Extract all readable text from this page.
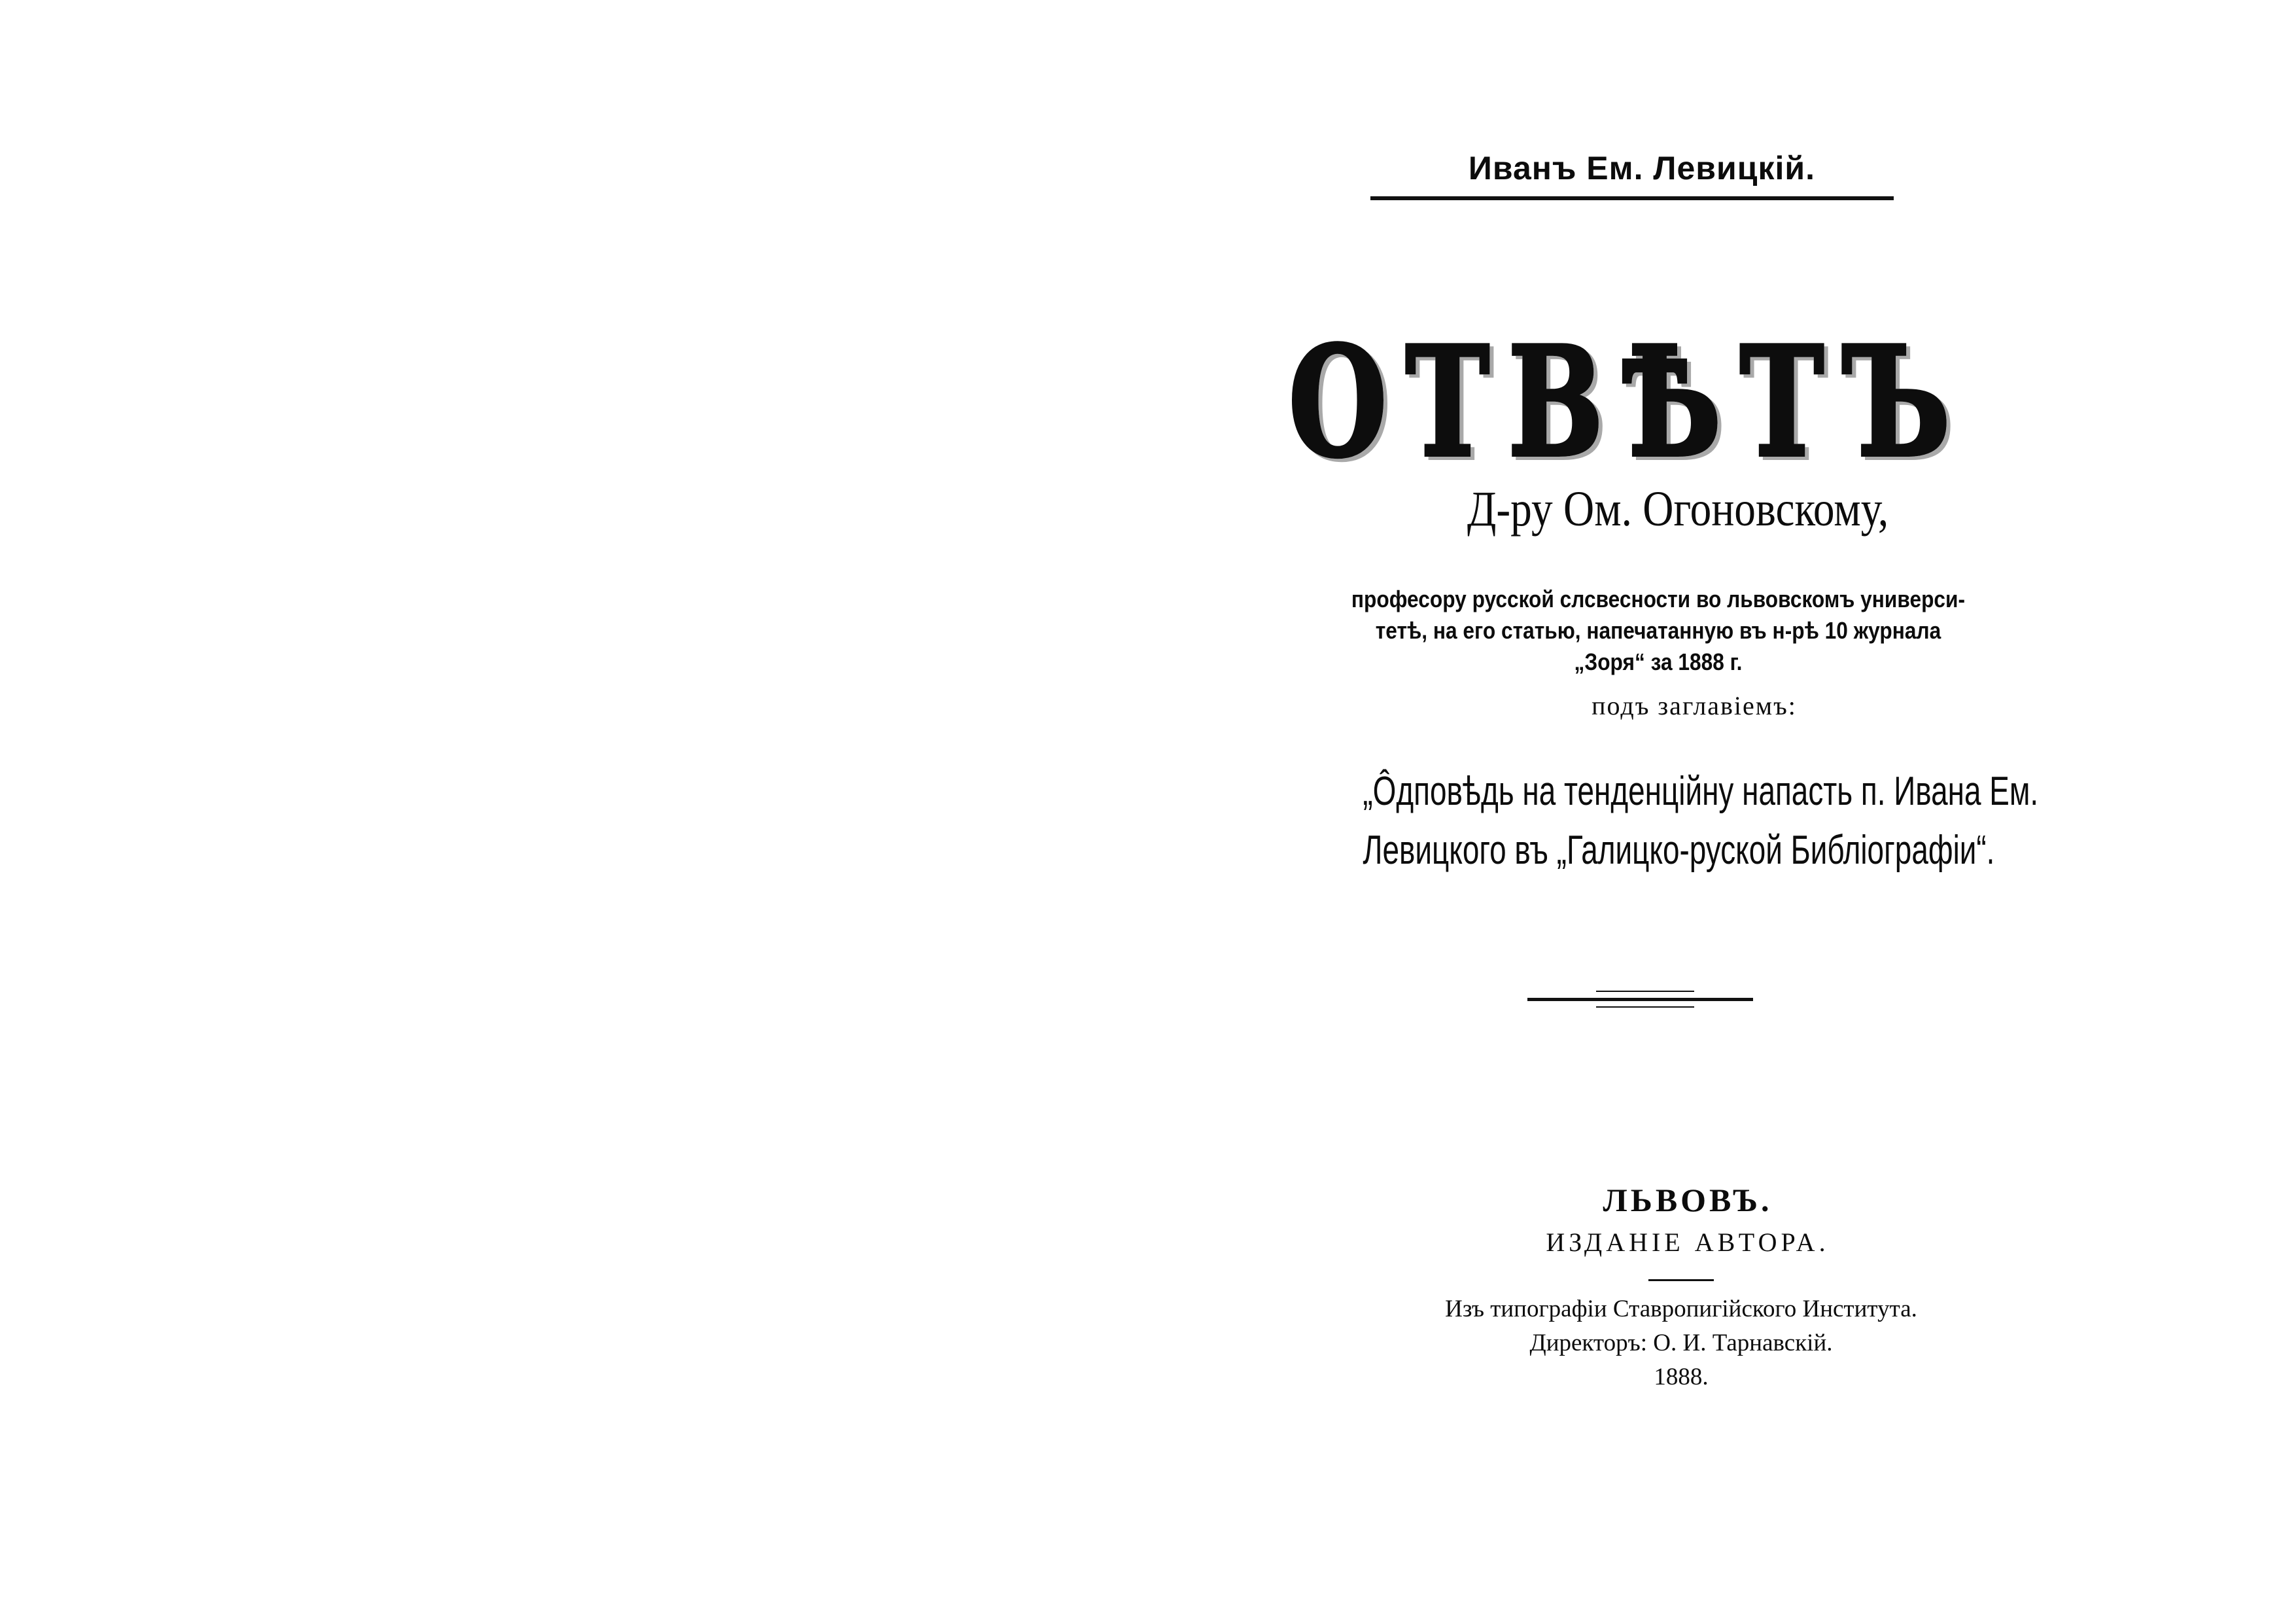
Иванъ Ем. Левицкій.
ОТВѢТЪ
Д-ру Ом. Огоновскому,
професору русской слсвесности во львовскомъ универси-
тетѣ, на его статью, напечатанную въ н-рѣ 10 журнала
„Зоря“ за 1888 г.
подъ заглавіемъ:
„Ôдповѣдь на тенденційну напасть п. Ивана Ем.
Левицкого въ „Галицко-руской Библіографіи“.
ЛЬВОВЪ.
ИЗДАНІЕ АВТОРА.
Изъ типографіи Ставропигійского Института.
Директоръ: О. И. Тарнавскій.
1888.
